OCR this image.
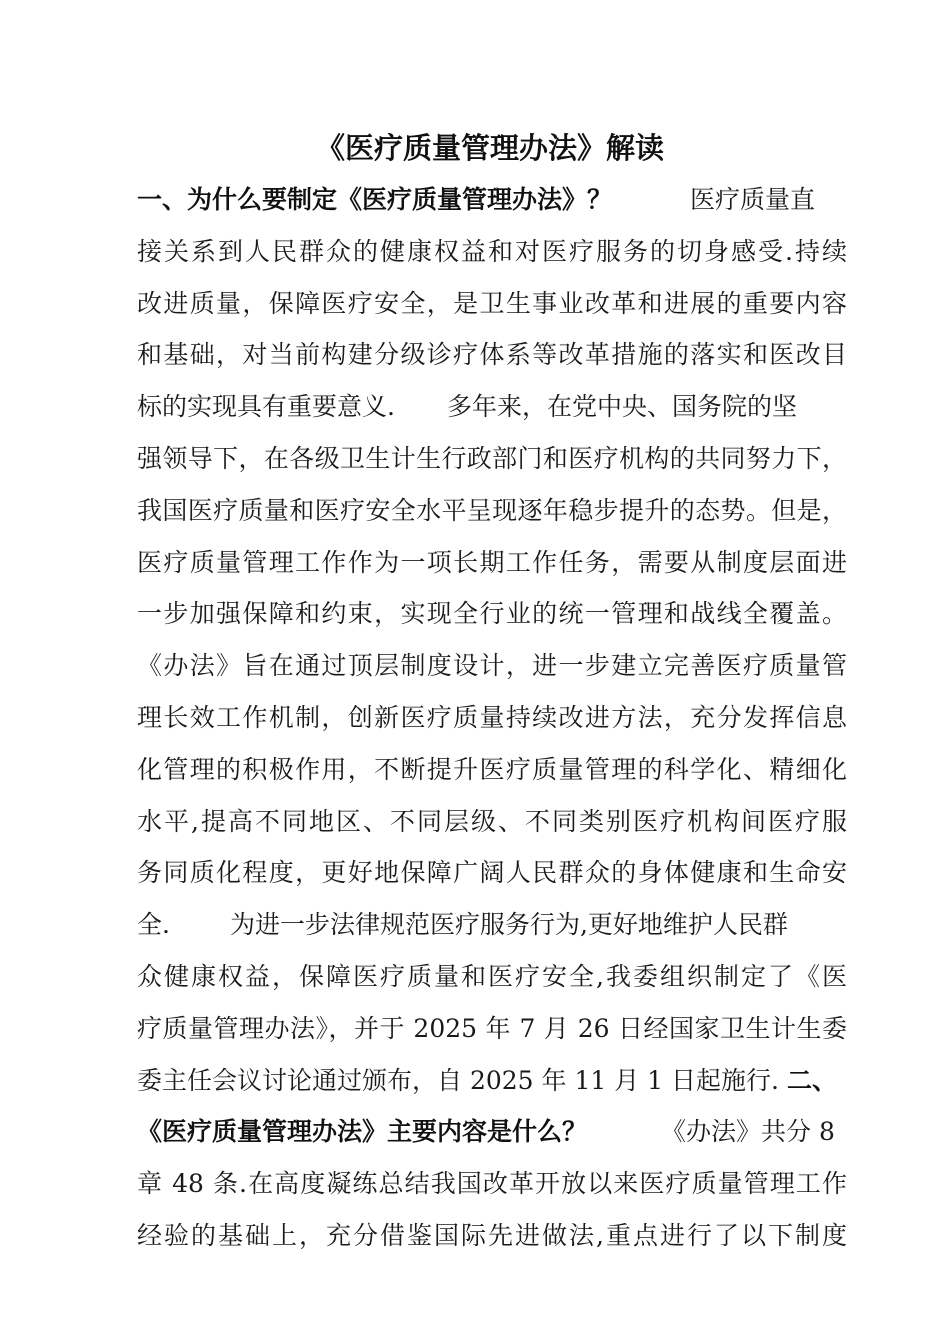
《医疗质量管理办法》解读
一、为什么要制定《医疗质量管理办法》？	医疗质量直
接关系到人民群众的健康权益和对医疗服务的切身感受.持续
改进质量，保障医疗安全，是卫生事业改革和进展的重要内容
和基础，对当前构建分级诊疗体系等改革措施的落实和医改目
标的实现具有重要意义. 多年来，在党中央、国务院的坚
强领导下，在各级卫生计生行政部门和医疗机构的共同努力下，
我国医疗质量和医疗安全水平呈现逐年稳步提升的态势。但是，
医疗质量管理工作作为一项长期工作任务，需要从制度层面进
一步加强保障和约束，实现全行业的统一管理和战线全覆盖。
《办法》旨在通过顶层制度设计，进一步建立完善医疗质量管
理长效工作机制，创新医疗质量持续改进方法，充分发挥信息
化管理的积极作用，不断提升医疗质量管理的科学化、精细化
水平,提高不同地区、不同层级、不同类别医疗机构间医疗服
务同质化程度，更好地保障广阔人民群众的身体健康和生命安
全. 为进一步法律规范医疗服务行为,更好地维护人民群
众健康权益，保障医疗质量和医疗安全,我委组织制定了《医
疗质量管理办法》，并于 2025 年 7 月 26 日经国家卫生计生委
委主任会议讨论通过颁布，自 2025 年 11 月 1 日起施行. 二、
《医疗质量管理办法》主要内容是什么？	《办法》共分 8
章 48 条.在高度凝练总结我国改革开放以来医疗质量管理工作
经验的基础上，充分借鉴国际先进做法,重点进行了以下制度
